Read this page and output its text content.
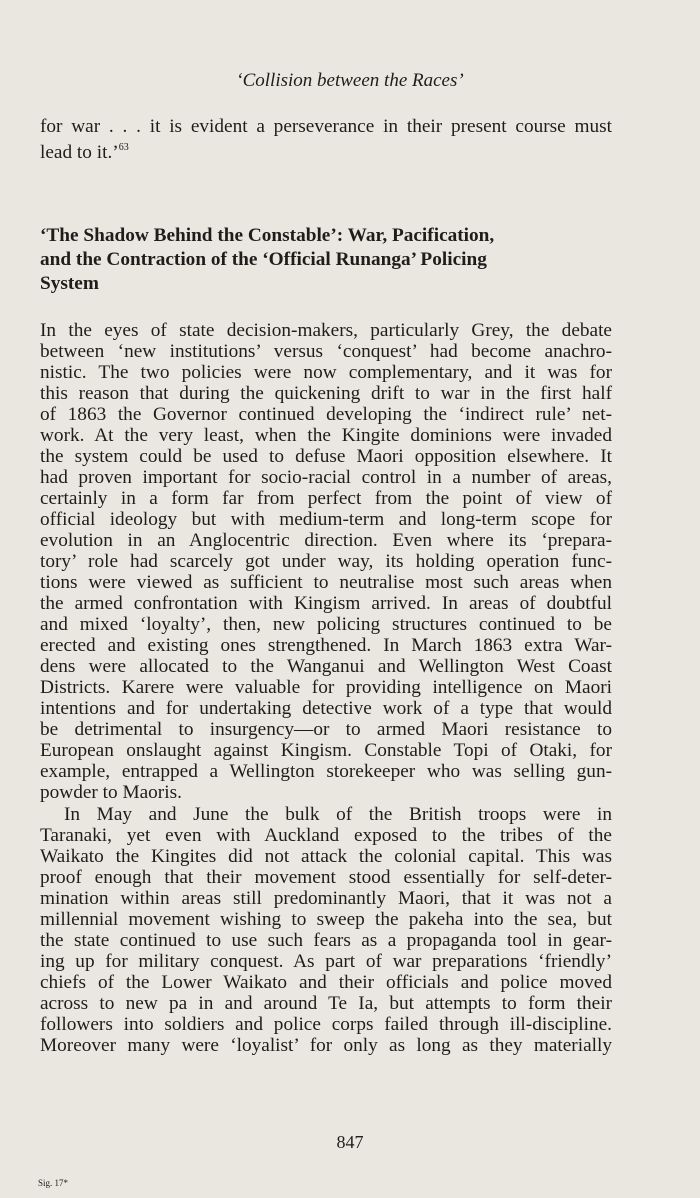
‘Collision between the Races’
for war . . . it is evident a perseverance in their present course must
lead to it.’$^{63}$
‘The Shadow Behind the Constable’: War, Pacification,
and the Contraction of the ‘Official Runanga’ Policing
System
In the eyes of state decision-makers, particularly Grey, the debate
between ‘new institutions’ versus ‘conquest’ had become anachro-
nistic. The two policies were now complementary, and it was for
this reason that during the quickening drift to war in the first half
of 1863 the Governor continued developing the ‘indirect rule’ net-
work. At the very least, when the Kingite dominions were invaded
the system could be used to defuse Maori opposition elsewhere. It
had proven important for socio-racial control in a number of areas,
certainly in a form far from perfect from the point of view of
official ideology but with medium-term and long-term scope for
evolution in an Anglocentric direction. Even where its ‘prepara-
tory’ role had scarcely got under way, its holding operation func-
tions were viewed as sufficient to neutralise most such areas when
the armed confrontation with Kingism arrived. In areas of doubtful
and mixed ‘loyalty’, then, new policing structures continued to be
erected and existing ones strengthened. In March 1863 extra War-
dens were allocated to the Wanganui and Wellington West Coast
Districts. Karere were valuable for providing intelligence on Maori
intentions and for undertaking detective work of a type that would
be detrimental to insurgency—or to armed Maori resistance to
European onslaught against Kingism. Constable Topi of Otaki, for
example, entrapped a Wellington storekeeper who was selling gun-
powder to Maoris.
In May and June the bulk of the British troops were in
Taranaki, yet even with Auckland exposed to the tribes of the
Waikato the Kingites did not attack the colonial capital. This was
proof enough that their movement stood essentially for self-deter-
mination within areas still predominantly Maori, that it was not a
millennial movement wishing to sweep the pakeha into the sea, but
the state continued to use such fears as a propaganda tool in gear-
ing up for military conquest. As part of war preparations ‘friendly’
chiefs of the Lower Waikato and their officials and police moved
across to new pa in and around Te Ia, but attempts to form their
followers into soldiers and police corps failed through ill-discipline.
Moreover many were ‘loyalist’ for only as long as they materially
847
Sig. 17*
